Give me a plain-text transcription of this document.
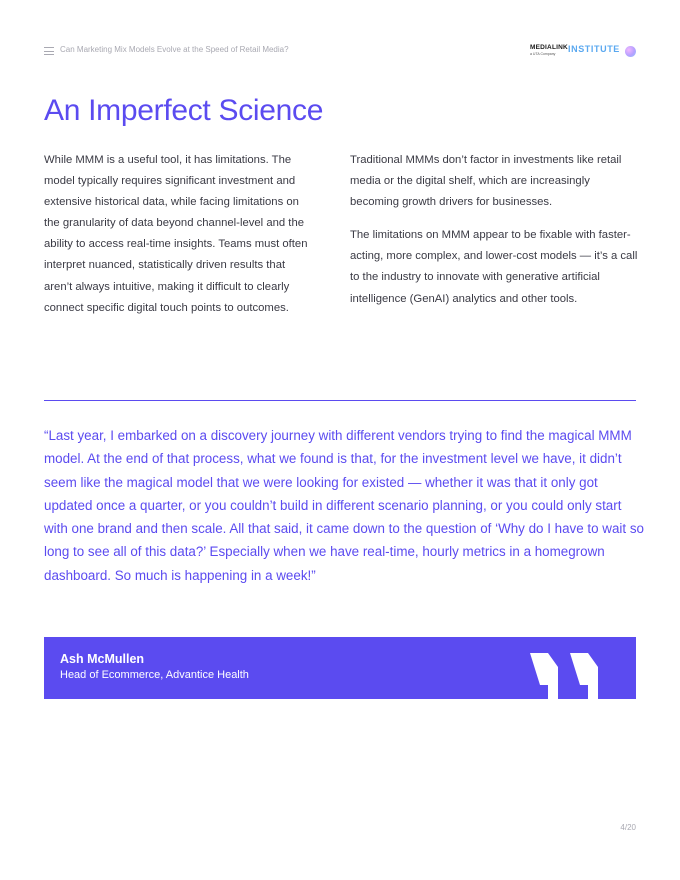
Can Marketing Mix Models Evolve at the Speed of Retail Media?	MEDIALINK
a UTA Company	INSTITUTE
An Imperfect Science

While MMM is a useful tool, it has limitations. The model typically requires significant investment and extensive historical data, while facing limitations on the granularity of data beyond channel-level and the ability to access real-time insights. Teams must often interpret nuanced, statistically driven results that aren’t always intuitive, making it difficult to clearly connect specific digital touch points to outcomes.

Traditional MMMs don’t factor in investments like retail media or the digital shelf, which are increasingly becoming growth drivers for businesses.

The limitations on MMM appear to be fixable with faster-acting, more complex, and lower-cost models — it’s a call to the industry to innovate with generative artificial intelligence (GenAI) analytics and other tools.

“Last year, I embarked on a discovery journey with different vendors trying to find the magical MMM model. At the end of that process, what we found is that, for the investment level we have, it didn’t seem like the magical model that we were looking for existed — whether it was that it only got updated once a quarter, or you couldn’t build in different scenario planning, or you could only start with one brand and then scale. All that said, it came down to the question of ‘Why do I have to wait so long to see all of this data?’ Especially when we have real-time, hourly metrics in a homegrown dashboard. So much is happening in a week!”

Ash McMullen
Head of Ecommerce, Advantice Health
4/20
